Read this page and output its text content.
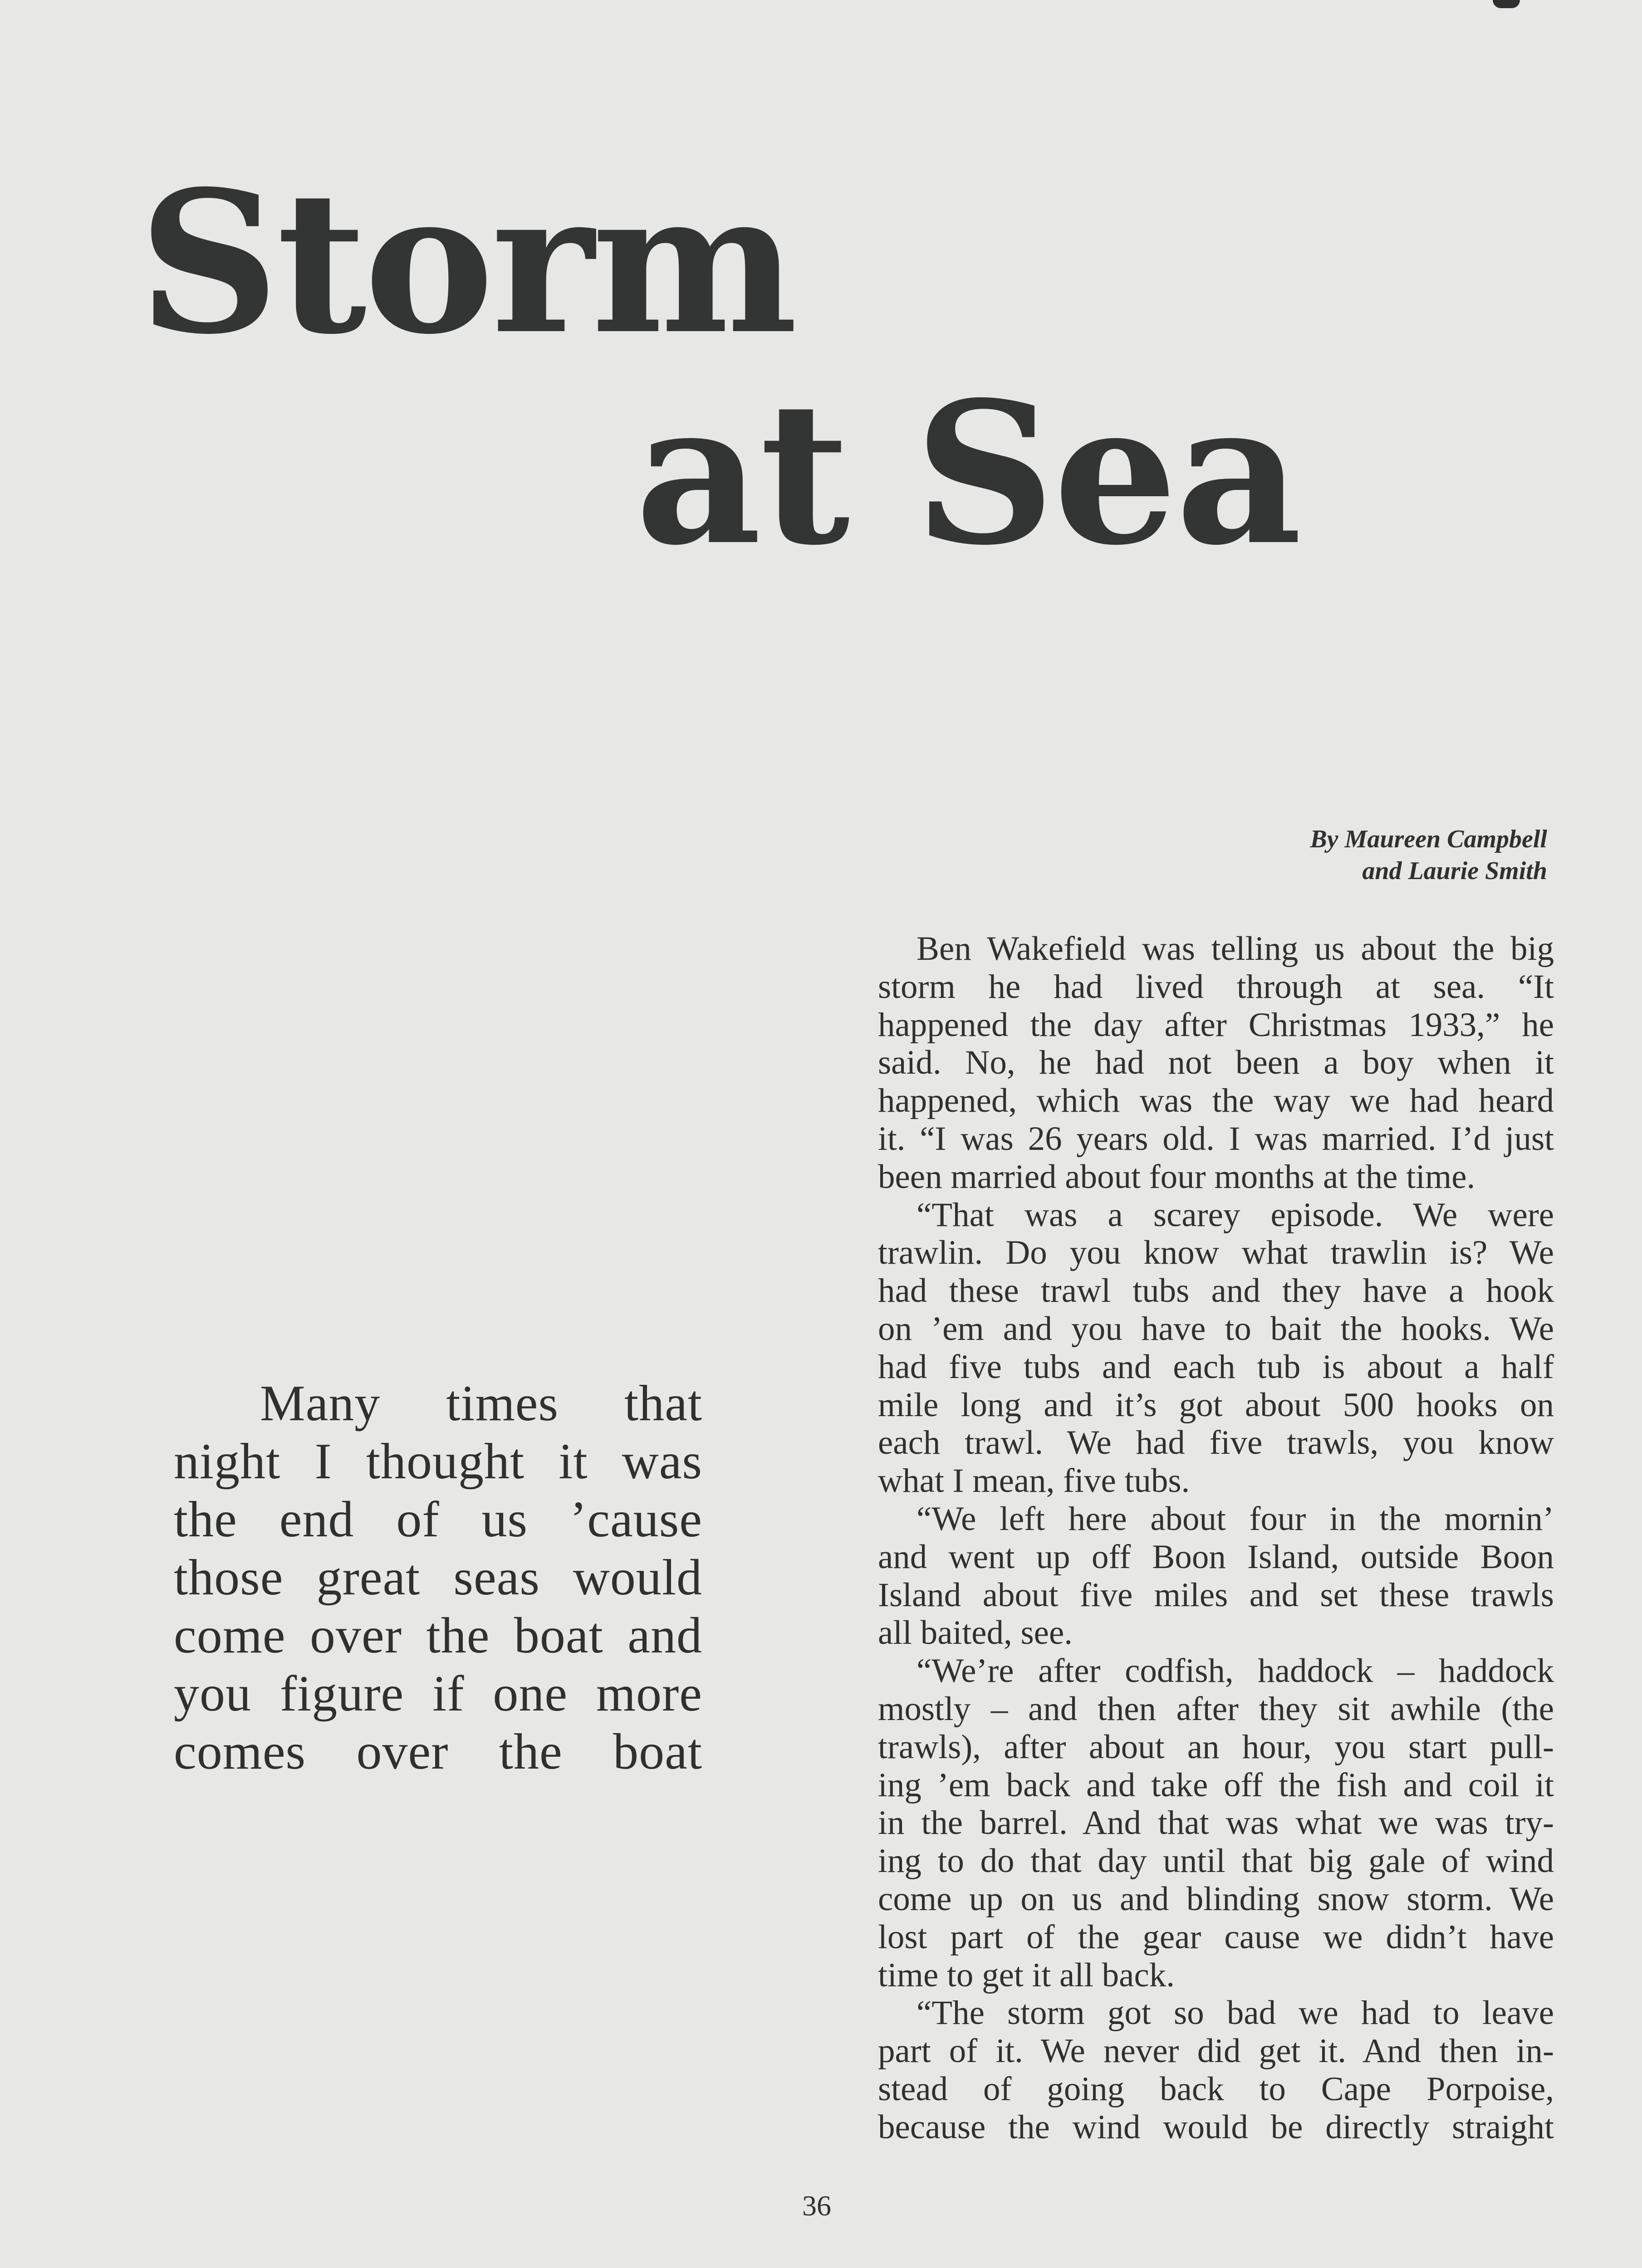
Storm
at Sea
By Maureen Campbell
and Laurie Smith

Many times that
night I thought it was
the end of us ’cause
those great seas would
come over the boat and
you figure if one more
comes over the boat

Ben Wakefield was telling us about the big
storm he had lived through at sea. “It
happened the day after Christmas 1933,” he
said. No, he had not been a boy when it
happened, which was the way we had heard
it. “I was 26 years old. I was married. I’d just
been married about four months at the time.

“That was a scarey episode. We were
trawlin. Do you know what trawlin is? We
had these trawl tubs and they have a hook
on ’em and you have to bait the hooks. We
had five tubs and each tub is about a half
mile long and it’s got about 500 hooks on
each trawl. We had five trawls, you know
what I mean, five tubs.

“We left here about four in the mornin’
and went up off Boon Island, outside Boon
Island about five miles and set these trawls
all baited, see.

“We’re after codfish, haddock – haddock
mostly – and then after they sit awhile (the
trawls), after about an hour, you start pull-
ing ’em back and take off the fish and coil it
in the barrel. And that was what we was try-
ing to do that day until that big gale of wind
come up on us and blinding snow storm. We
lost part of the gear cause we didn’t have
time to get it all back.

“The storm got so bad we had to leave
part of it. We never did get it. And then in-
stead of going back to Cape Porpoise,
because the wind would be directly straight

36
